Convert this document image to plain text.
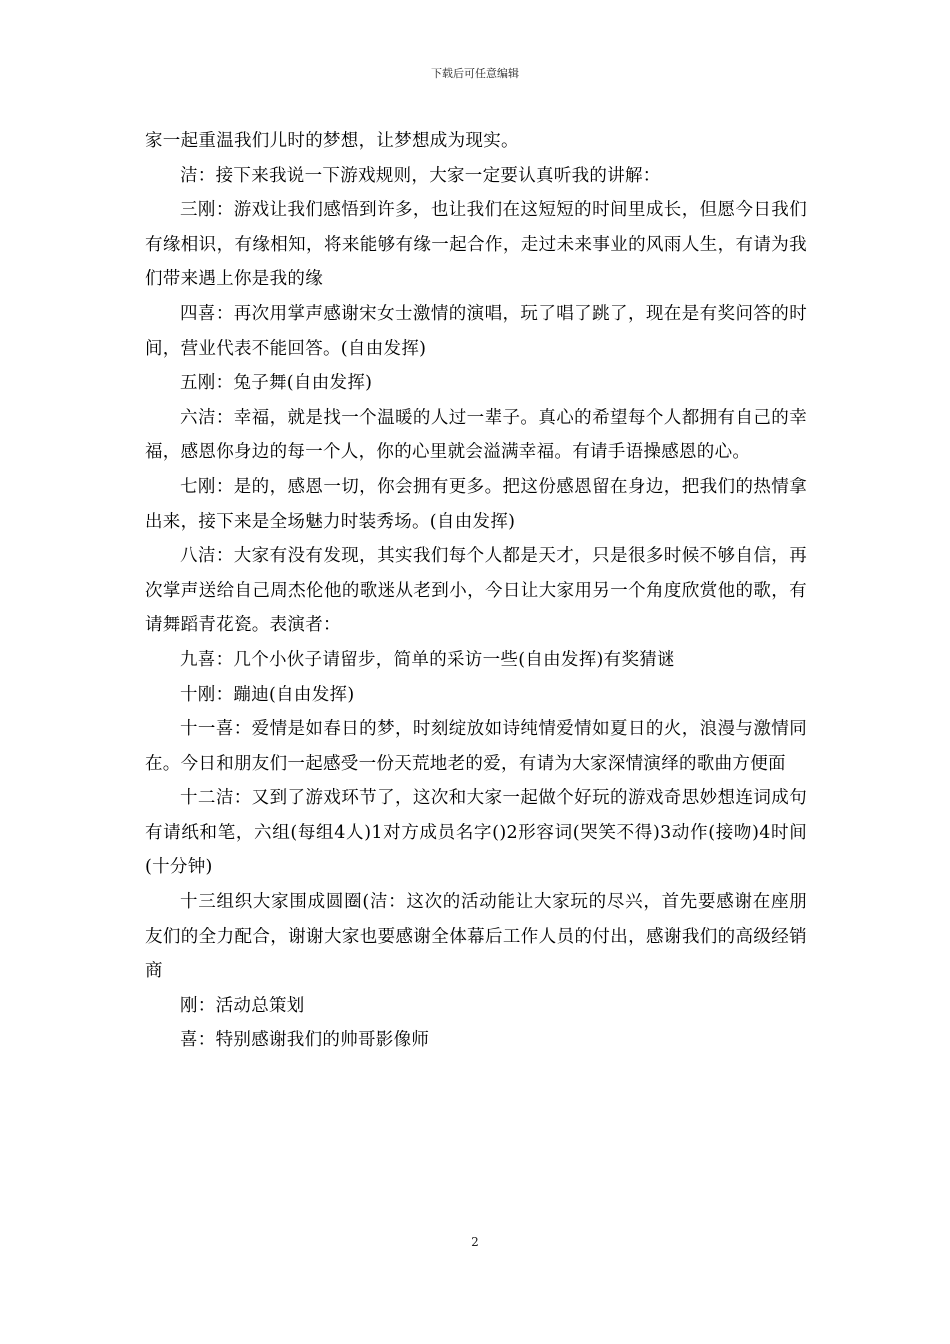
下载后可任意编辑

家一起重温我们儿时的梦想，让梦想成为现实。

洁：接下来我说一下游戏规则，大家一定要认真听我的讲解：

三刚：游戏让我们感悟到许多，也让我们在这短短的时间里成长，但愿今日我们有缘相识，有缘相知，将来能够有缘一起合作，走过未来事业的风雨人生，有请为我们带来遇上你是我的缘

四喜：再次用掌声感谢宋女士激情的演唱，玩了唱了跳了，现在是有奖问答的时间，营业代表不能回答。(自由发挥)

五刚：兔子舞(自由发挥)

六洁：幸福，就是找一个温暖的人过一辈子。真心的希望每个人都拥有自己的幸福，感恩你身边的每一个人，你的心里就会溢满幸福。有请手语操感恩的心。

七刚：是的，感恩一切，你会拥有更多。把这份感恩留在身边，把我们的热情拿出来，接下来是全场魅力时装秀场。(自由发挥)

八洁：大家有没有发现，其实我们每个人都是天才，只是很多时候不够自信，再次掌声送给自己周杰伦他的歌迷从老到小，今日让大家用另一个角度欣赏他的歌，有请舞蹈青花瓷。表演者：

九喜：几个小伙子请留步，简单的采访一些(自由发挥)有奖猜谜

十刚：蹦迪(自由发挥)

十一喜：爱情是如春日的梦，时刻绽放如诗纯情爱情如夏日的火，浪漫与激情同在。今日和朋友们一起感受一份天荒地老的爱，有请为大家深情演绎的歌曲方便面

十二洁：又到了游戏环节了，这次和大家一起做个好玩的游戏奇思妙想连词成句有请纸和笔，六组(每组4人)1对方成员名字()2形容词(哭笑不得)3动作(接吻)4时间(十分钟)

十三组织大家围成圆圈(洁：这次的活动能让大家玩的尽兴，首先要感谢在座朋友们的全力配合，谢谢大家也要感谢全体幕后工作人员的付出，感谢我们的高级经销商

刚：活动总策划

喜：特别感谢我们的帅哥影像师

2
